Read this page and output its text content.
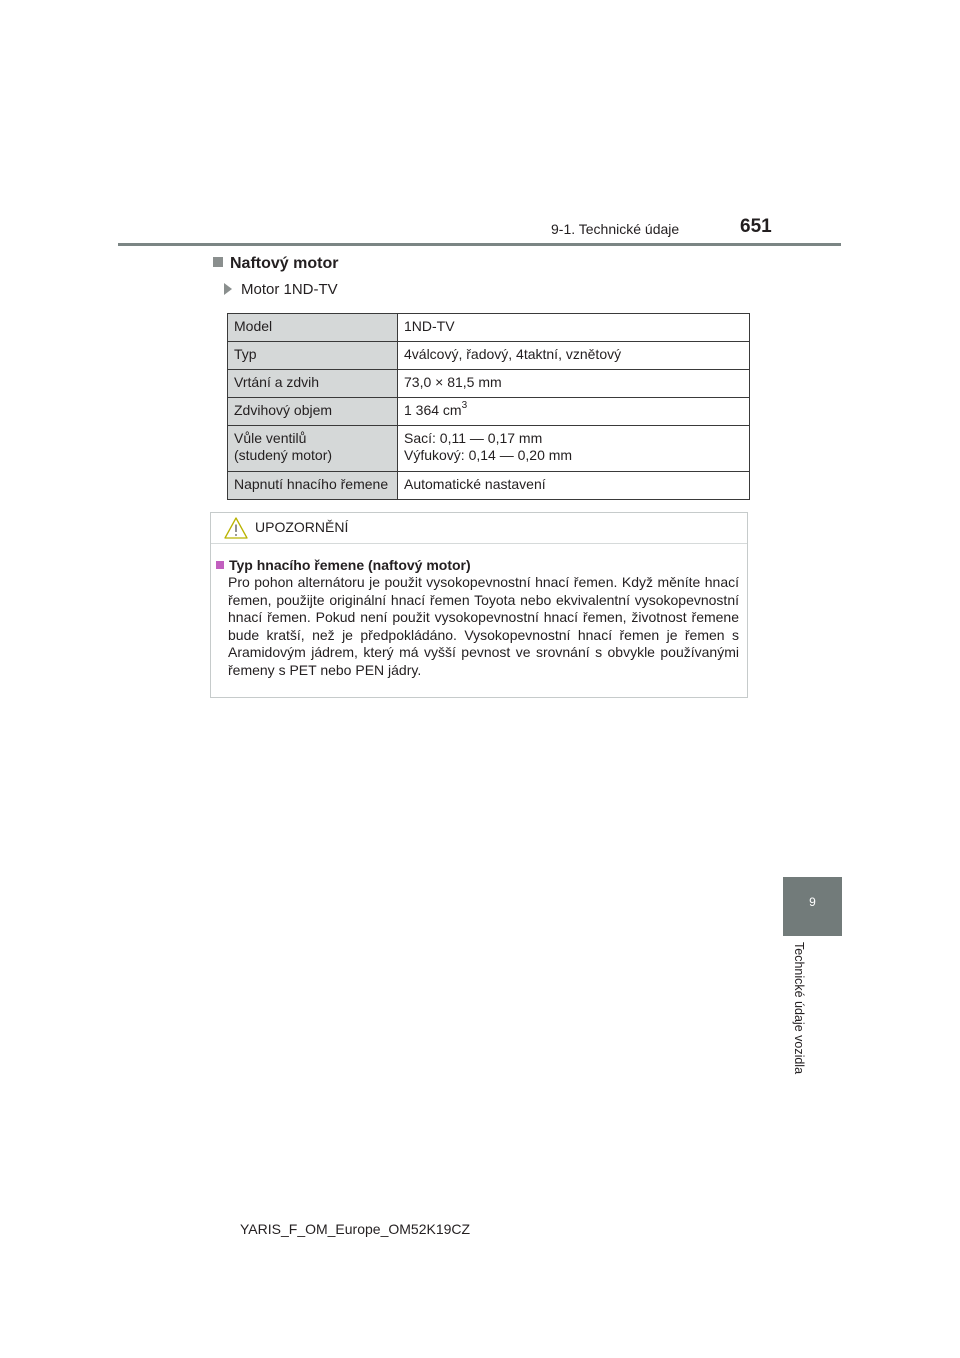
9-1. Technické údaje	651
Naftový motor
Motor 1ND-TV
Model	1ND-TV
Typ	4válcový, řadový, 4taktní, vznětový
Vrtání a zdvih	73,0 × 81,5 mm
Zdvihový objem	1 364 $cm^3$
Vůle ventilů
(studený motor)	Sací: 0,11 — 0,17 mm
Výfukový: 0,14 — 0,20 mm
Napnutí hnacího řemene	Automatické nastavení
UPOZORNĚNÍ
Typ hnacího řemene (naftový motor)
Pro pohon alternátoru je použit vysokopevnostní hnací řemen. Když měníte hnací řemen, použijte originální hnací řemen Toyota nebo ekvivalentní vysokopevnostní hnací řemen. Pokud není použit vysokopevnostní hnací řemen, životnost řemene bude kratší, než je předpokládáno. Vysokopevnostní hnací řemen je řemen s Aramidovým jádrem, který má vyšší pevnost ve srovnání s obvykle používanými řemeny s PET nebo PEN jádry.
9
Technické údaje vozidla
YARIS_F_OM_Europe_OM52K19CZ
